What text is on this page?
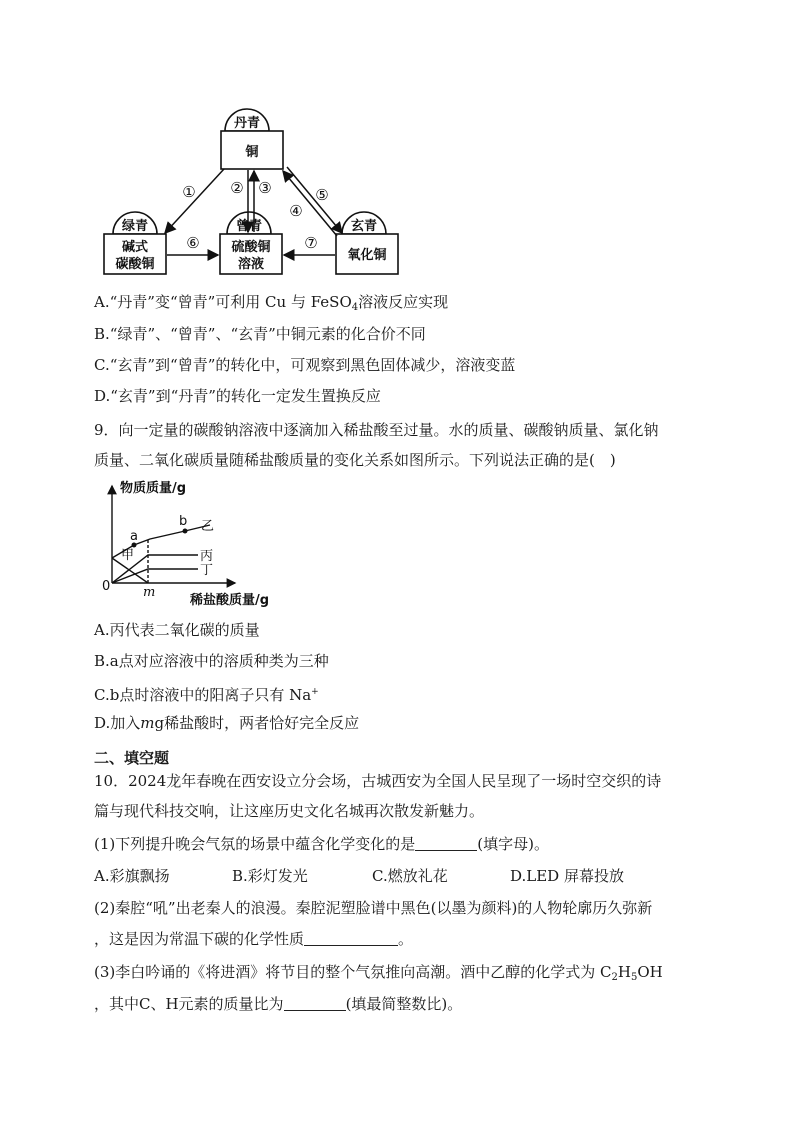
丹青
铜
绿青
碱式
碳酸铜
曾青
硫酸铜
溶液
玄青
氧化铜
① ② ③
④
⑤
⑥	⑦
A.“丹青”变“曾青”可利用 Cu 与 FeSO$_4$溶液反应实现
B.“绿青”、“曾青”、“玄青”中铜元素的化合价不同
C.“玄青”到“曾青”的转化中，可观察到黑色固体减少，溶液变蓝
D.“玄青”到“丹青”的转化一定发生置换反应
9．向一定量的碳酸钠溶液中逐滴加入稀盐酸至过量。水的质量、碳酸钠质量、氯化钠
质量、二氧化碳质量随稀盐酸质量的变化关系如图所示。下列说法正确的是(　)
物质质量/g
稀盐酸质量/g
0	m
a
b
甲
乙
丙
丁
A.丙代表二氧化碳的质量
B.a点对应溶液中的溶质种类为三种
C.b点时溶液中的阳离子只有 Na+
D.加入mg稀盐酸时，两者恰好完全反应
二、填空题
10．2024龙年春晚在西安设立分会场，古城西安为全国人民呈现了一场时空交织的诗
篇与现代科技交响，让这座历史文化名城再次散发新魅力。
(1)下列提升晚会气氛的场景中蕴含化学变化的是	(填字母)。
A.彩旗飘扬	B.彩灯发光	C.燃放礼花	D.LED 屏幕投放
(2)秦腔“吼”出老秦人的浪漫。秦腔泥塑脸谱中黑色(以墨为颜料)的人物轮廓历久弥新
，这是因为常温下碳的化学性质	。
(3)李白吟诵的《将进酒》将节目的整个气氛推向高潮。酒中乙醇的化学式为 $C_2H_5OH$
，其中C、H元素的质量比为	(填最简整数比)。
